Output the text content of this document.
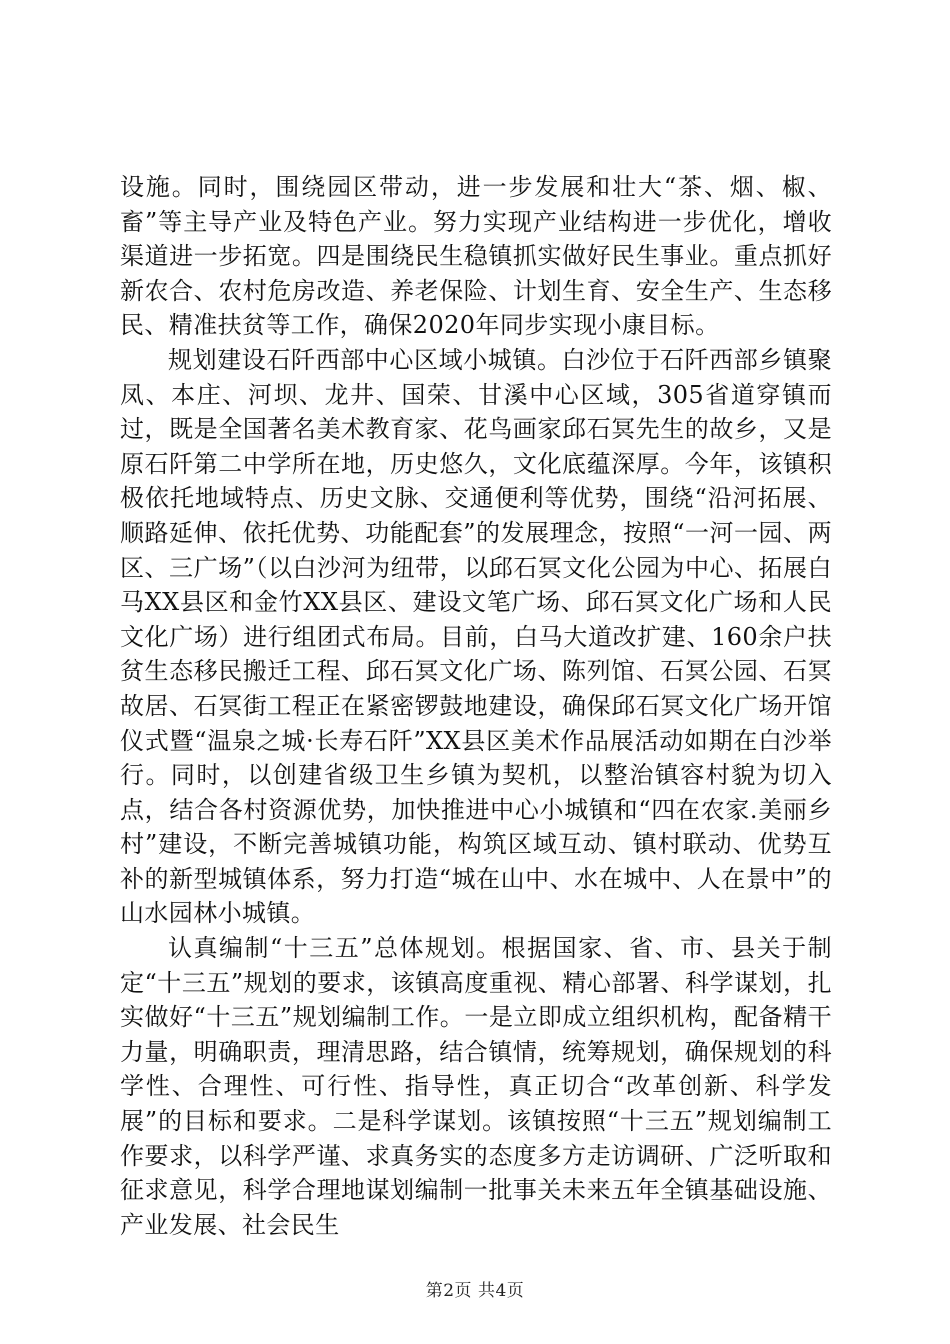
设施。同时，围绕园区带动，进一步发展和壮大“茶、烟、椒、畜”等主导产业及特色产业。努力实现产业结构进一步优化，增收渠道进一步拓宽。四是围绕民生稳镇抓实做好民生事业。重点抓好新农合、农村危房改造、养老保险、计划生育、安全生产、生态移民、精准扶贫等工作，确保2020年同步实现小康目标。

规划建设石阡西部中心区域小城镇。白沙位于石阡西部乡镇聚凤、本庄、河坝、龙井、国荣、甘溪中心区域，305省道穿镇而过，既是全国著名美术教育家、花鸟画家邱石冥先生的故乡，又是原石阡第二中学所在地，历史悠久，文化底蕴深厚。今年，该镇积极依托地域特点、历史文脉、交通便利等优势，围绕“沿河拓展、顺路延伸、依托优势、功能配套”的发展理念，按照“一河一园、两区、三广场”（以白沙河为纽带，以邱石冥文化公园为中心、拓展白马XX县区和金竹XX县区、建设文笔广场、邱石冥文化广场和人民文化广场）进行组团式布局。目前，白马大道改扩建、160余户扶贫生态移民搬迁工程、邱石冥文化广场、陈列馆、石冥公园、石冥故居、石冥街工程正在紧密锣鼓地建设，确保邱石冥文化广场开馆仪式暨“温泉之城·长寿石阡”XX县区美术作品展活动如期在白沙举行。同时，以创建省级卫生乡镇为契机，以整治镇容村貌为切入点，结合各村资源优势，加快推进中心小城镇和“四在农家.美丽乡村”建设，不断完善城镇功能，构筑区域互动、镇村联动、优势互补的新型城镇体系，努力打造“城在山中、水在城中、人在景中”的山水园林小城镇。

认真编制“十三五”总体规划。根据国家、省、市、县关于制定“十三五”规划的要求，该镇高度重视、精心部署、科学谋划，扎实做好“十三五”规划编制工作。一是立即成立组织机构，配备精干力量，明确职责，理清思路，结合镇情，统筹规划，确保规划的科学性、合理性、可行性、指导性，真正切合“改革创新、科学发展”的目标和要求。二是科学谋划。该镇按照“十三五”规划编制工作要求，以科学严谨、求真务实的态度多方走访调研、广泛听取和征求意见，科学合理地谋划编制一批事关未来五年全镇基础设施、产业发展、社会民生

第2页 共4页
